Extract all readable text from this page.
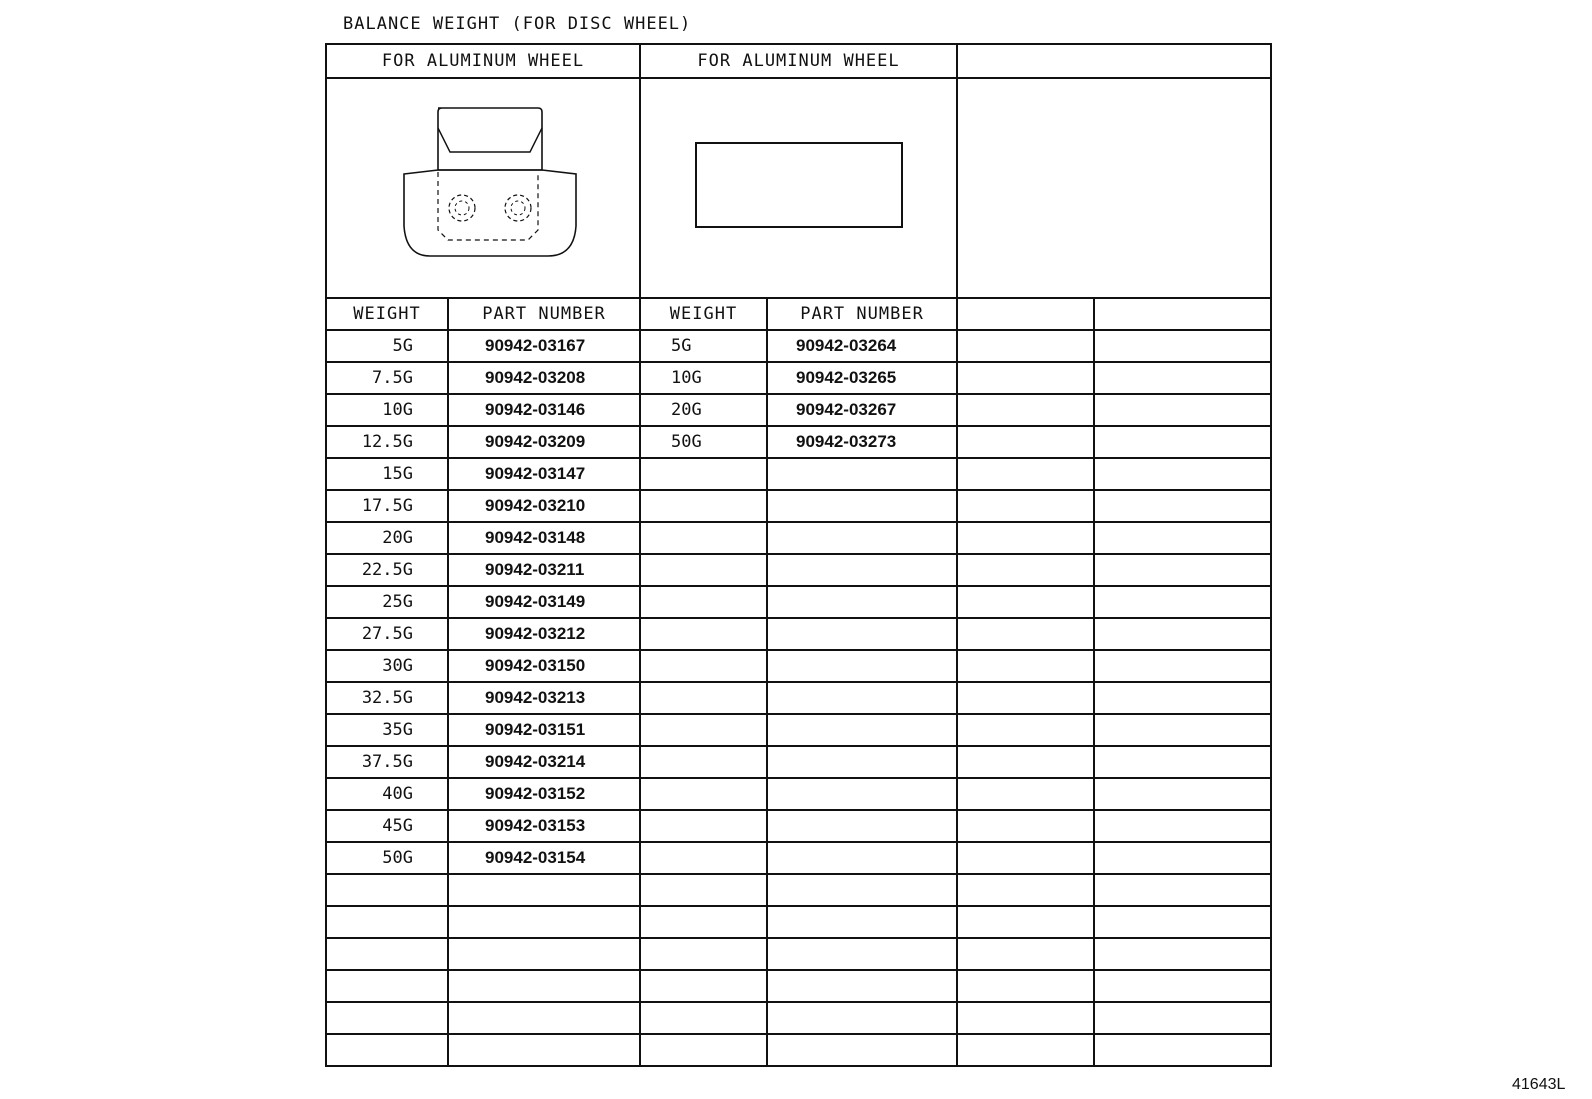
BALANCE WEIGHT (FOR DISC WHEEL)
FOR ALUMINUM WHEEL		FOR ALUMINUM WHEEL			

WEIGHT	PART NUMBER	WEIGHT	PART NUMBER		
5G	90942-03167	5G	90942-03264		
7.5G	90942-03208	10G	90942-03265		
10G	90942-03146	20G	90942-03267		
12.5G	90942-03209	50G	90942-03273		
15G	90942-03147				
17.5G	90942-03210				
20G	90942-03148				
22.5G	90942-03211				
25G	90942-03149				
27.5G	90942-03212				
30G	90942-03150				
32.5G	90942-03213				
35G	90942-03151				
37.5G	90942-03214				
40G	90942-03152				
45G	90942-03153				
50G	90942-03154				

41643L
